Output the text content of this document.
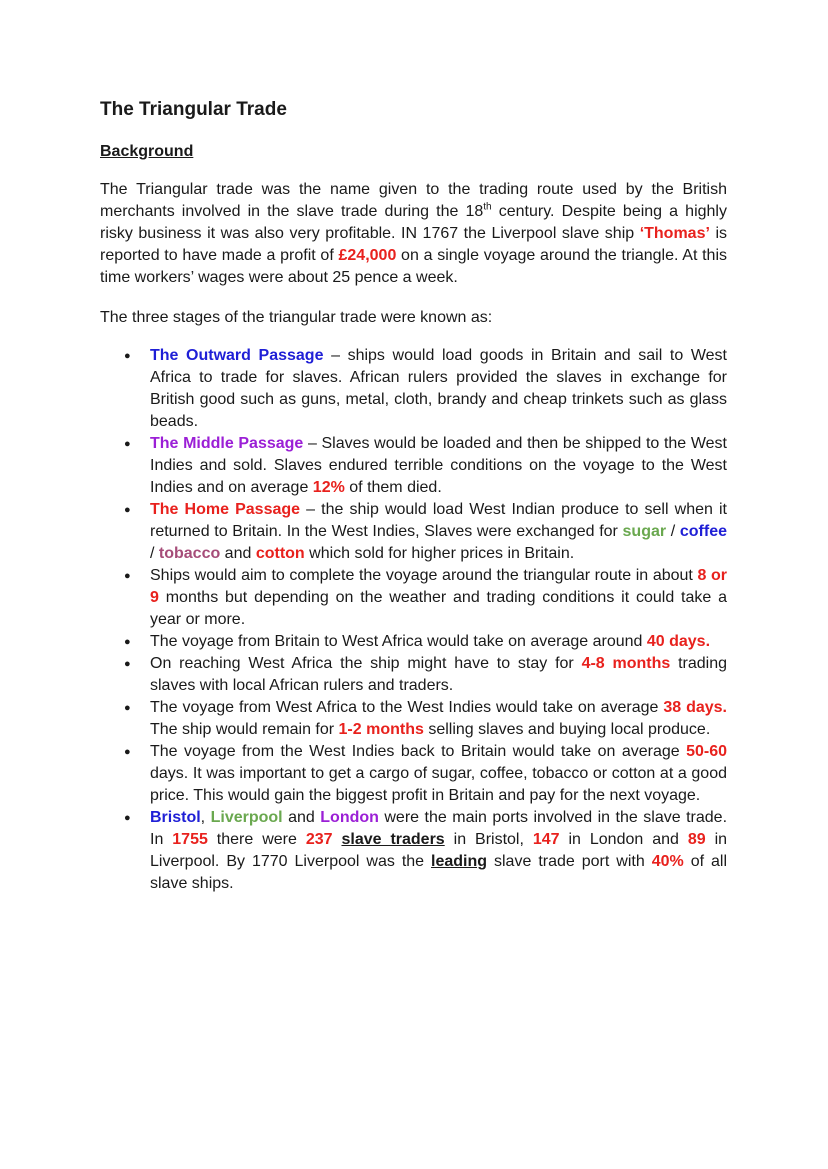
The Triangular Trade
Background

The Triangular trade was the name given to the trading route used by the British merchants involved in the slave trade during the 18th century. Despite being a highly risky business it was also very profitable. IN 1767 the Liverpool slave ship ‘Thomas’ is reported to have made a profit of £24,000 on a single voyage around the triangle. At this time workers’ wages were about 25 pence a week.

The three stages of the triangular trade were known as:

● The Outward Passage – ships would load goods in Britain and sail to West Africa to trade for slaves. African rulers provided the slaves in exchange for British good such as guns, metal, cloth, brandy and cheap trinkets such as glass beads.
● The Middle Passage – Slaves would be loaded and then be shipped to the West Indies and sold. Slaves endured terrible conditions on the voyage to the West Indies and on average 12% of them died.
● The Home Passage – the ship would load West Indian produce to sell when it returned to Britain. In the West Indies, Slaves were exchanged for sugar / coffee / tobacco and cotton which sold for higher prices in Britain.
● Ships would aim to complete the voyage around the triangular route in about 8 or 9 months but depending on the weather and trading conditions it could take a year or more.
● The voyage from Britain to West Africa would take on average around 40 days.
● On reaching West Africa the ship might have to stay for 4-8 months trading slaves with local African rulers and traders.
● The voyage from West Africa to the West Indies would take on average 38 days. The ship would remain for 1-2 months selling slaves and buying local produce.
● The voyage from the West Indies back to Britain would take on average 50-60 days. It was important to get a cargo of sugar, coffee, tobacco or cotton at a good price. This would gain the biggest profit in Britain and pay for the next voyage.
● Bristol, Liverpool and London were the main ports involved in the slave trade. In 1755 there were 237 slave traders in Bristol, 147 in London and 89 in Liverpool. By 1770 Liverpool was the leading slave trade port with 40% of all slave ships.
